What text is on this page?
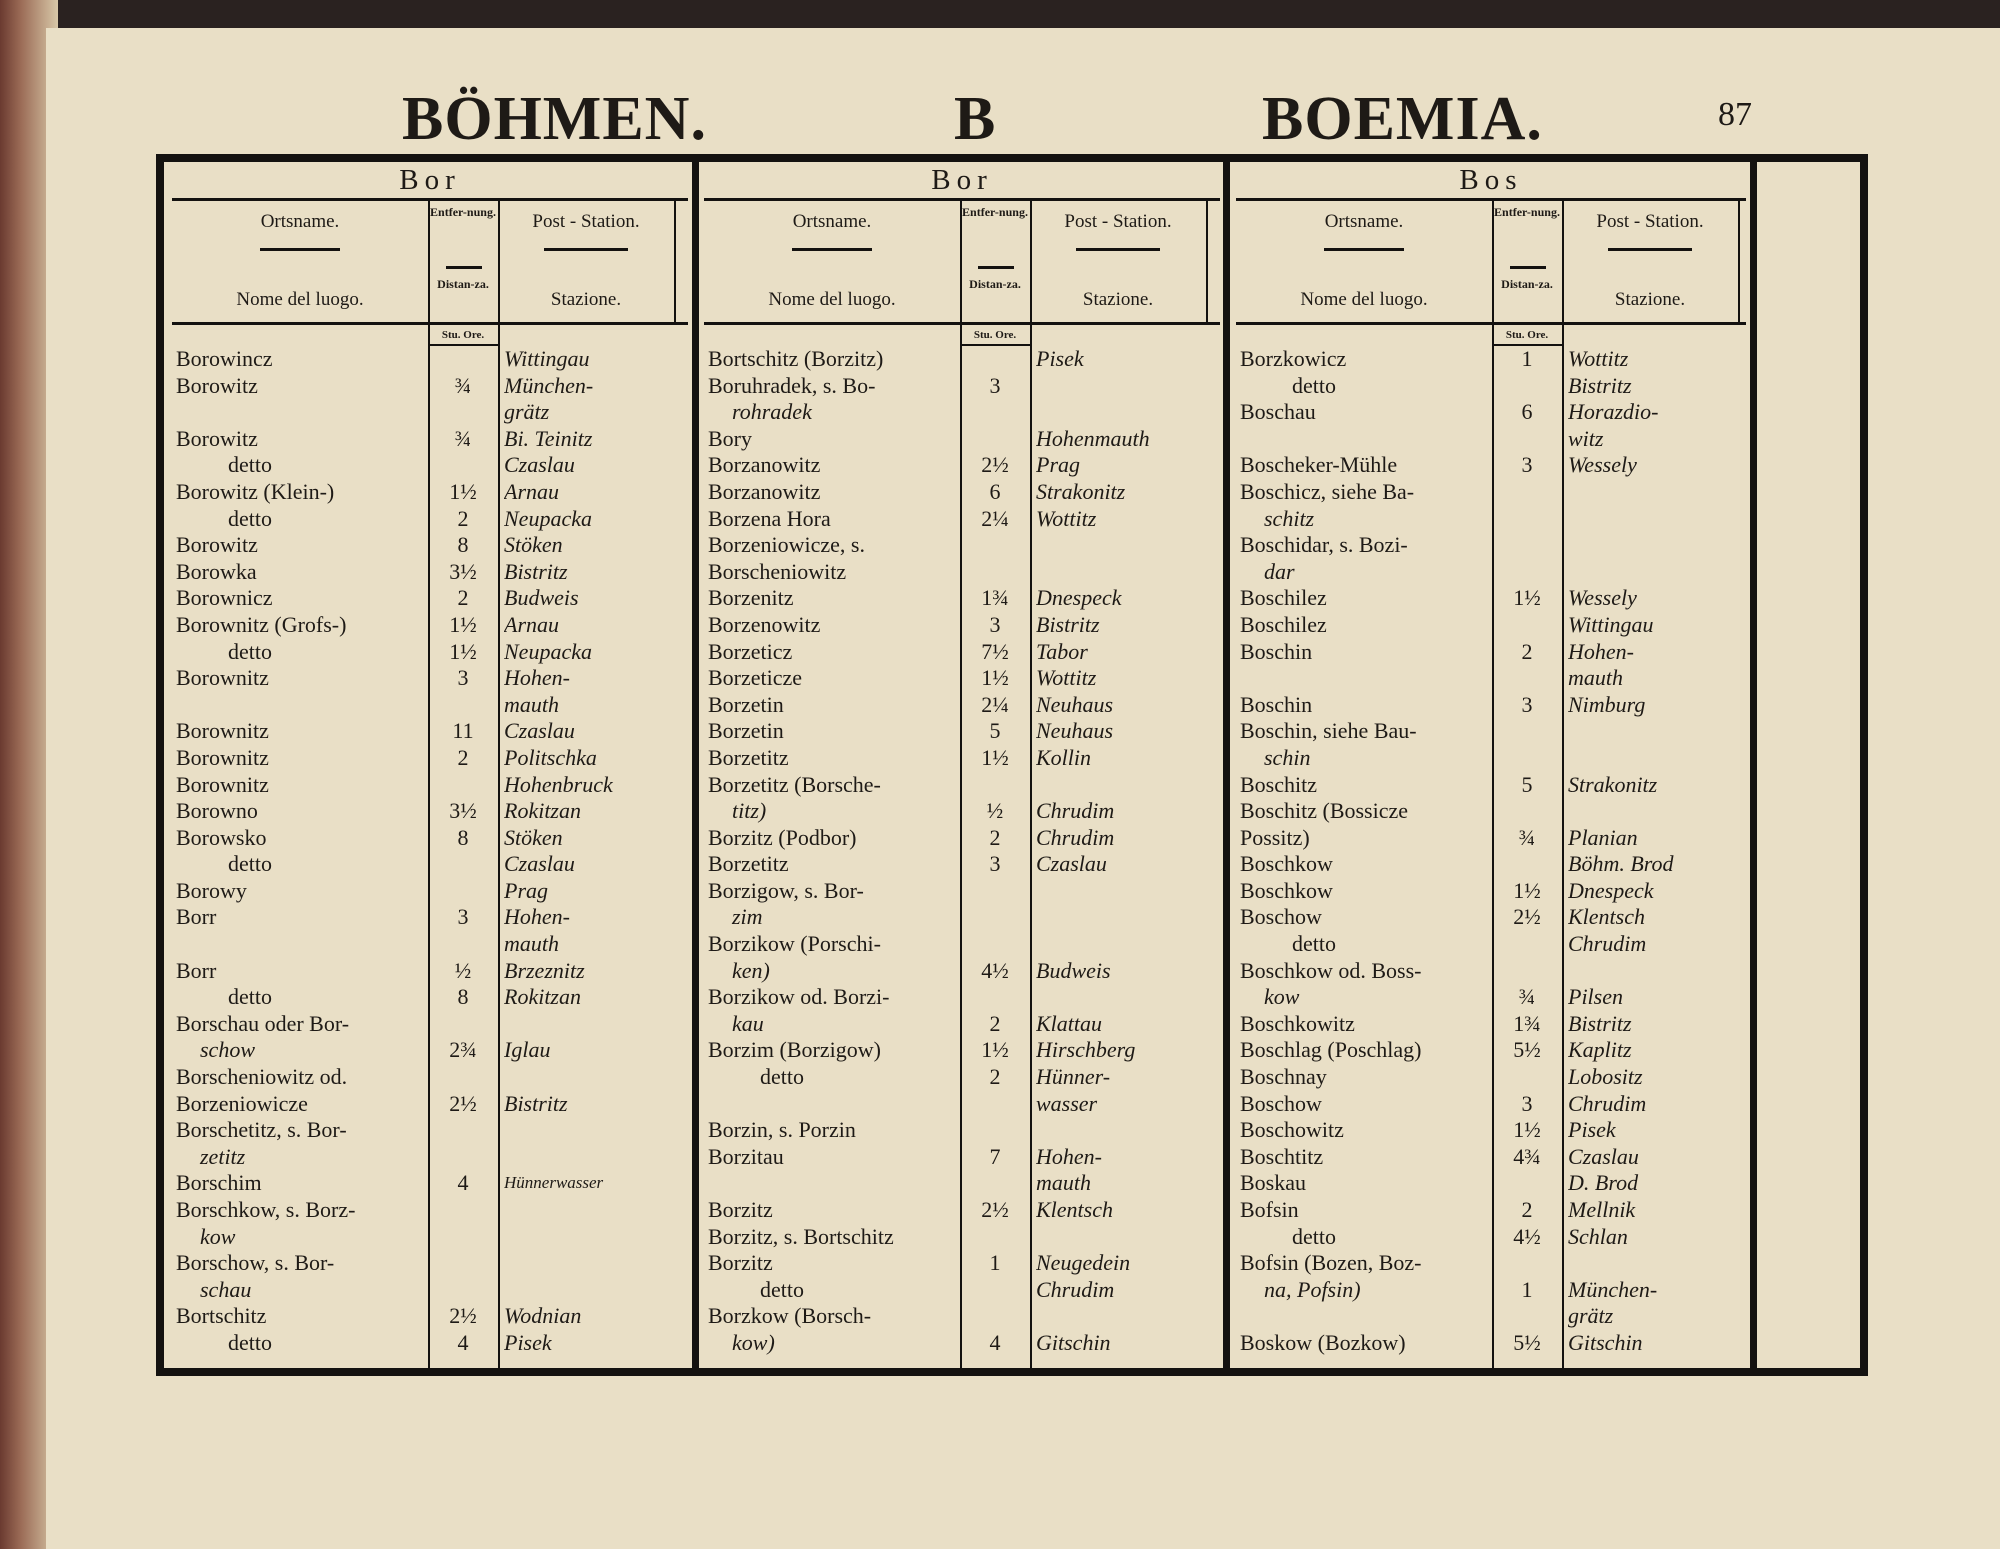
BÖHMEN.	B	BOEMIA.	87
Bor
Ortsname.
Nome del luogo.
Entfer-nung.
Distan-za.
Post - Station.
Stazione.
Stu. Ore.
Borowincz	Wittingau
Borowitz	¾	München-
grätz
Borowitz	¾	Bi. Teinitz
detto	Czaslau
Borowitz (Klein-)	1½	Arnau
detto	2	Neupacka
Borowitz	8	Stöken
Borowka	3½	Bistritz
Borownicz	2	Budweis
Borownitz (Grofs-)	1½	Arnau
detto	1½	Neupacka
Borownitz	3	Hohen-
mauth
Borownitz	11	Czaslau
Borownitz	2	Politschka
Borownitz	Hohenbruck
Borowno	3½	Rokitzan
Borowsko	8	Stöken
detto	Czaslau
Borowy	Prag
Borr	3	Hohen-
mauth
Borr	½	Brzeznitz
detto	8	Rokitzan
Borschau oder Bor-
schow	2¾	Iglau
Borscheniowitz od.
Borzeniowicze	2½	Bistritz
Borschetitz, s. Bor-
zetitz
Borschim	4	Hünnerwasser
Borschkow, s. Borz-
kow
Borschow, s. Bor-
schau
Bortschitz	2½	Wodnian
detto	4	Pisek
Bor
Ortsname.
Nome del luogo.
Entfer-nung.
Distan-za.
Post - Station.
Stazione.
Stu. Ore.
Bortschitz (Borzitz)	Pisek
Boruhradek, s. Bo-	3
rohradek
Bory	Hohenmauth
Borzanowitz	2½	Prag
Borzanowitz	6	Strakonitz
Borzena Hora	2¼	Wottitz
Borzeniowicze, s.
Borscheniowitz
Borzenitz	1¾	Dnespeck
Borzenowitz	3	Bistritz
Borzeticz	7½	Tabor
Borzeticze	1½	Wottitz
Borzetin	2¼	Neuhaus
Borzetin	5	Neuhaus
Borzetitz	1½	Kollin
Borzetitz (Borsche-
titz)	½	Chrudim
Borzitz (Podbor)	2	Chrudim
Borzetitz	3	Czaslau
Borzigow, s. Bor-
zim
Borzikow (Porschi-
ken)	4½	Budweis
Borzikow od. Borzi-
kau	2	Klattau
Borzim (Borzigow)	1½	Hirschberg
detto	2	Hünner-
wasser
Borzin, s. Porzin
Borzitau	7	Hohen-
mauth
Borzitz	2½	Klentsch
Borzitz, s. Bortschitz
Borzitz	1	Neugedein
detto	Chrudim
Borzkow (Borsch-
kow)	4	Gitschin
Bos
Ortsname.
Nome del luogo.
Entfer-nung.
Distan-za.
Post - Station.
Stazione.
Stu. Ore.
Borzkowicz	1	Wottitz
detto	Bistritz
Boschau	6	Horazdio-
witz
Boscheker-Mühle	3	Wessely
Boschicz, siehe Ba-
schitz
Boschidar, s. Bozi-
dar
Boschilez	1½	Wessely
Boschilez	Wittingau
Boschin	2	Hohen-
mauth
Boschin	3	Nimburg
Boschin, siehe Bau-
schin
Boschitz	5	Strakonitz
Boschitz (Bossicze
Possitz)	¾	Planian
Boschkow	Böhm. Brod
Boschkow	1½	Dnespeck
Boschow	2½	Klentsch
detto	Chrudim
Boschkow od. Boss-
kow	¾	Pilsen
Boschkowitz	1¾	Bistritz
Boschlag (Poschlag)	5½	Kaplitz
Boschnay	Lobositz
Boschow	3	Chrudim
Boschowitz	1½	Pisek
Boschtitz	4¾	Czaslau
Boskau	D. Brod
Bofsin	2	Mellnik
detto	4½	Schlan
Bofsin (Bozen, Boz-
na, Pofsin)	1	München-
grätz
Boskow (Bozkow)	5½	Gitschin
